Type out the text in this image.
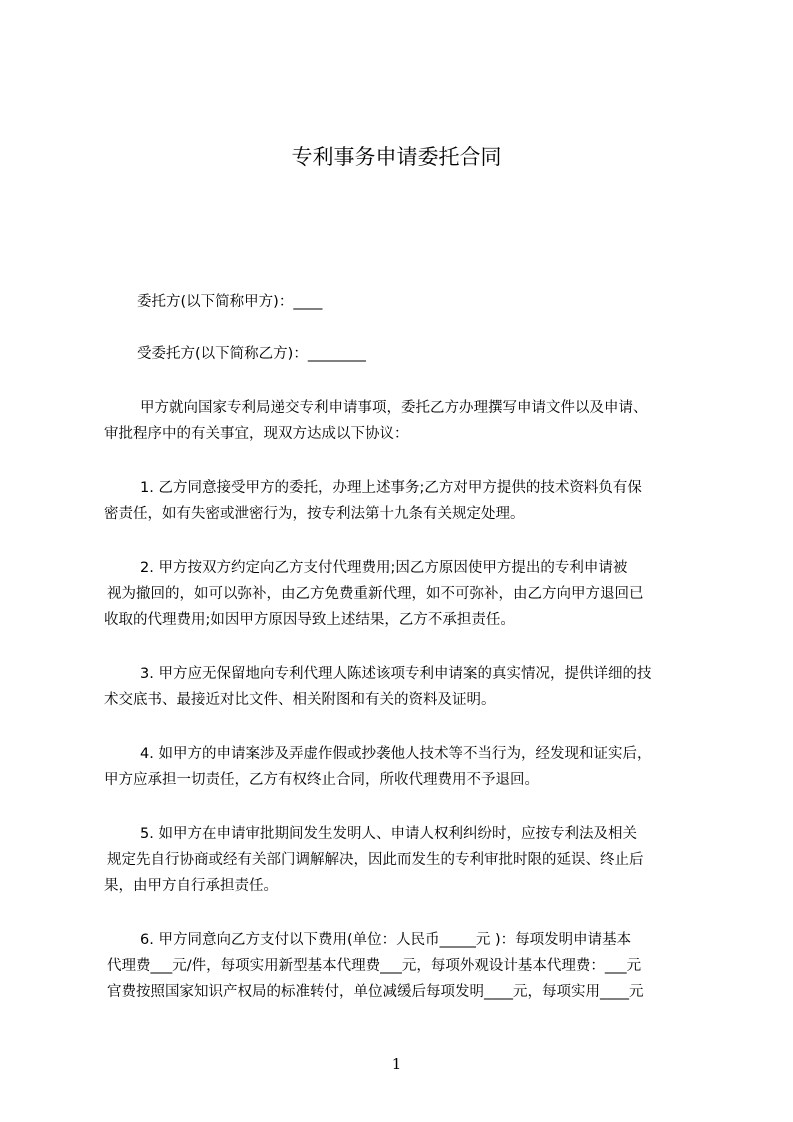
专利事务申请委托合同
委托方(以下简称甲方)：____
受委托方(以下简称乙方)：________
甲方就向国家专利局递交专利申请事项，委托乙方办理撰写申请文件以及申请、
审批程序中的有关事宜，现双方达成以下协议：
1. 乙方同意接受甲方的委托，办理上述事务;乙方对甲方提供的技术资料负有保
密责任，如有失密或泄密行为，按专利法第十九条有关规定处理。
2. 甲方按双方约定向乙方支付代理费用;因乙方原因使甲方提出的专利申请被
视为撤回的，如可以弥补，由乙方免费重新代理，如不可弥补，由乙方向甲方退回已
收取的代理费用;如因甲方原因导致上述结果，乙方不承担责任。
3. 甲方应无保留地向专利代理人陈述该项专利申请案的真实情况，提供详细的技
术交底书、最接近对比文件、相关附图和有关的资料及证明。
4. 如甲方的申请案涉及弄虚作假或抄袭他人技术等不当行为，经发现和证实后，
甲方应承担一切责任，乙方有权终止合同，所收代理费用不予退回。
5. 如甲方在申请审批期间发生发明人、申请人权利纠纷时，应按专利法及相关
规定先自行协商或经有关部门调解解决，因此而发生的专利审批时限的延误、终止后
果，由甲方自行承担责任。
6. 甲方同意向乙方支付以下费用(单位：人民币_____元 )：每项发明申请基本
代理费___元/件，每项实用新型基本代理费___元，每项外观设计基本代理费：___元
官费按照国家知识产权局的标准转付，单位减缓后每项发明____元，每项实用____元
1
